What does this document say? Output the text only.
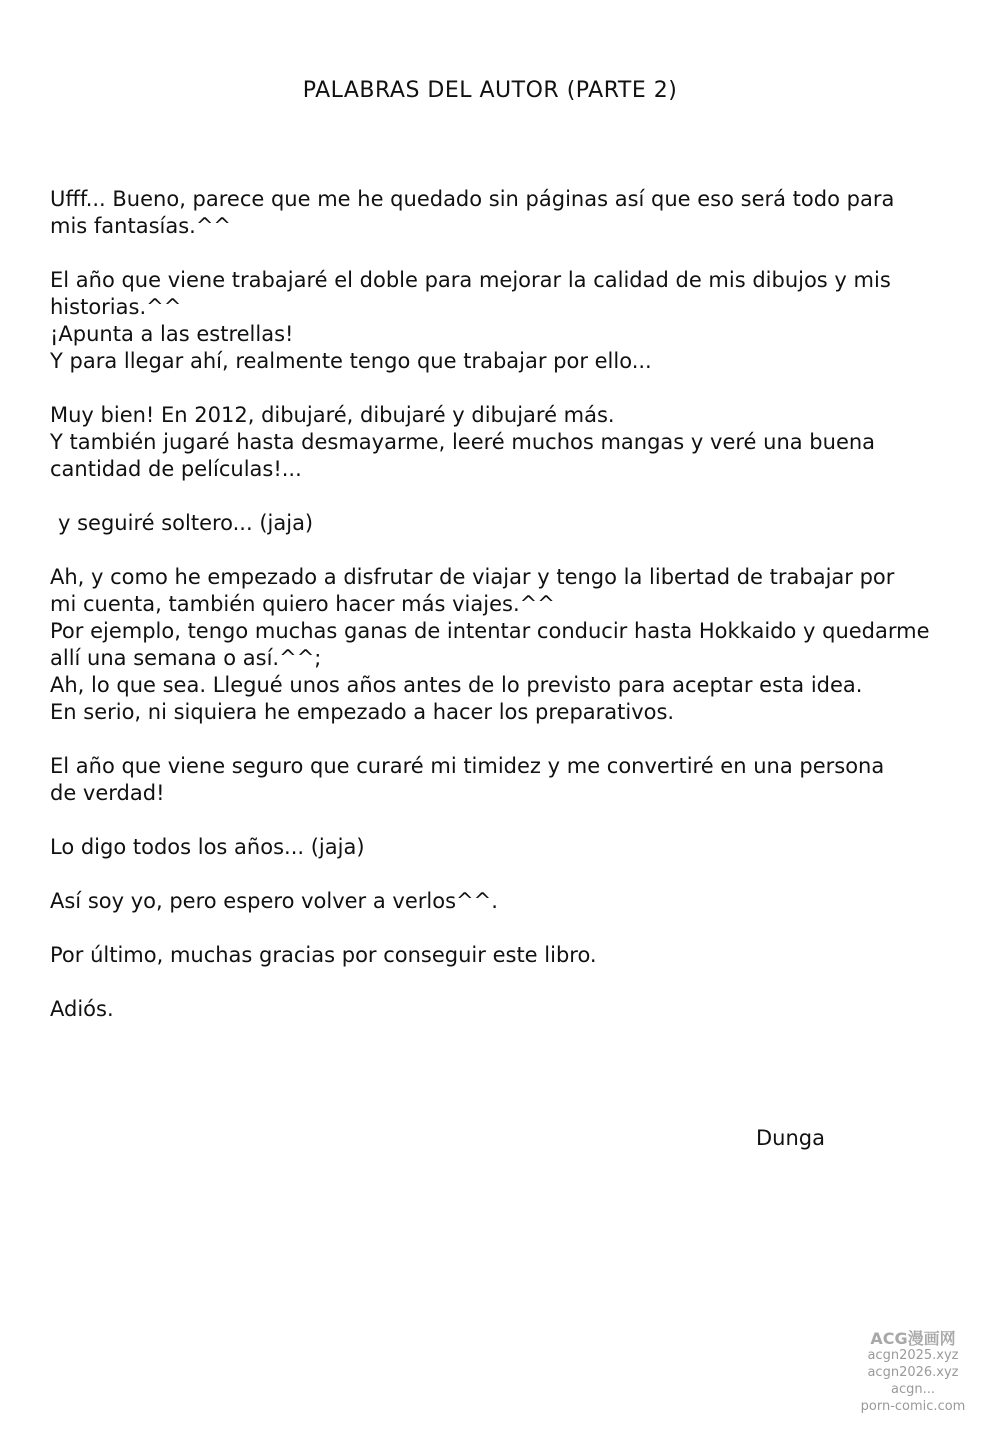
PALABRAS DEL AUTOR (PARTE 2)
Ufff... Bueno, parece que me he quedado sin páginas así que eso será todo para
mis fantasías.^^
El año que viene trabajaré el doble para mejorar la calidad de mis dibujos y mis
historias.^^
¡Apunta a las estrellas!
Y para llegar ahí, realmente tengo que trabajar por ello...
Muy bien! En 2012, dibujaré, dibujaré y dibujaré más.
Y también jugaré hasta desmayarme, leeré muchos mangas y veré una buena
cantidad de películas!...
y seguiré soltero... (jaja)
Ah, y como he empezado a disfrutar de viajar y tengo la libertad de trabajar por
mi cuenta, también quiero hacer más viajes.^^
Por ejemplo, tengo muchas ganas de intentar conducir hasta Hokkaido y quedarme
allí una semana o así.^^;
Ah, lo que sea. Llegué unos años antes de lo previsto para aceptar esta idea.
En serio, ni siquiera he empezado a hacer los preparativos.
El año que viene seguro que curaré mi timidez y me convertiré en una persona
de verdad!
Lo digo todos los años... (jaja)
Así soy yo, pero espero volver a verlos^^.
Por último, muchas gracias por conseguir este libro.
Adiós.
Dunga
ACG漫画网
acgn2025.xyz
acgn2026.xyz
acgn...
porn-comic.com
